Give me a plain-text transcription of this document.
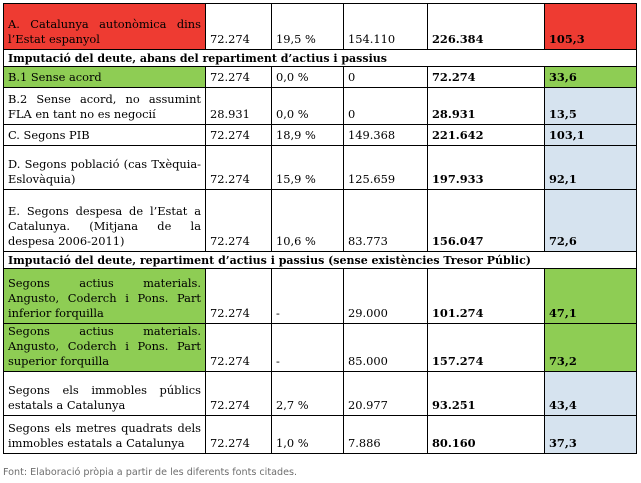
A. Catalunya autonòmica dins l’Estat espanyol	72.274	19,5 %	154.110	226.384	105,3
Imputació del deute, abans del repartiment d’actius i passius					

B.1 Sense acord	72.274	0,0 %	0	72.274	33,6

B.2 Sense acord, no assumint FLA en tant no es negocií	28.931	0,0 %	0	28.931	13,5

C. Segons PIB	72.274	18,9 %	149.368	221.642	103,1

D. Segons població (cas Txèquia-Eslovàquia)	72.274	15,9 %	125.659	197.933	92,1

E. Segons despesa de l’Estat a Catalunya. (Mitjana de la despesa 2006-2011)	72.274	10,6 %	83.773	156.047	72,6
Imputació del deute, repartiment d’actius i passius (sense existències Tresor Públic)					

Segons actius materials. Angusto, Coderch i Pons. Part inferior forquilla	72.274	-	29.000	101.274	47,1

Segons actius materials. Angusto, Coderch i Pons. Part superior forquilla	72.274	-	85.000	157.274	73,2

Segons els immobles públics estatals a Catalunya	72.274	2,7 %	20.977	93.251	43,4

Segons els metres quadrats dels immobles estatals a Catalunya	72.274	1,0 %	7.886	80.160	37,3

Font: Elaboració pròpia a partir de les diferents fonts citades.
